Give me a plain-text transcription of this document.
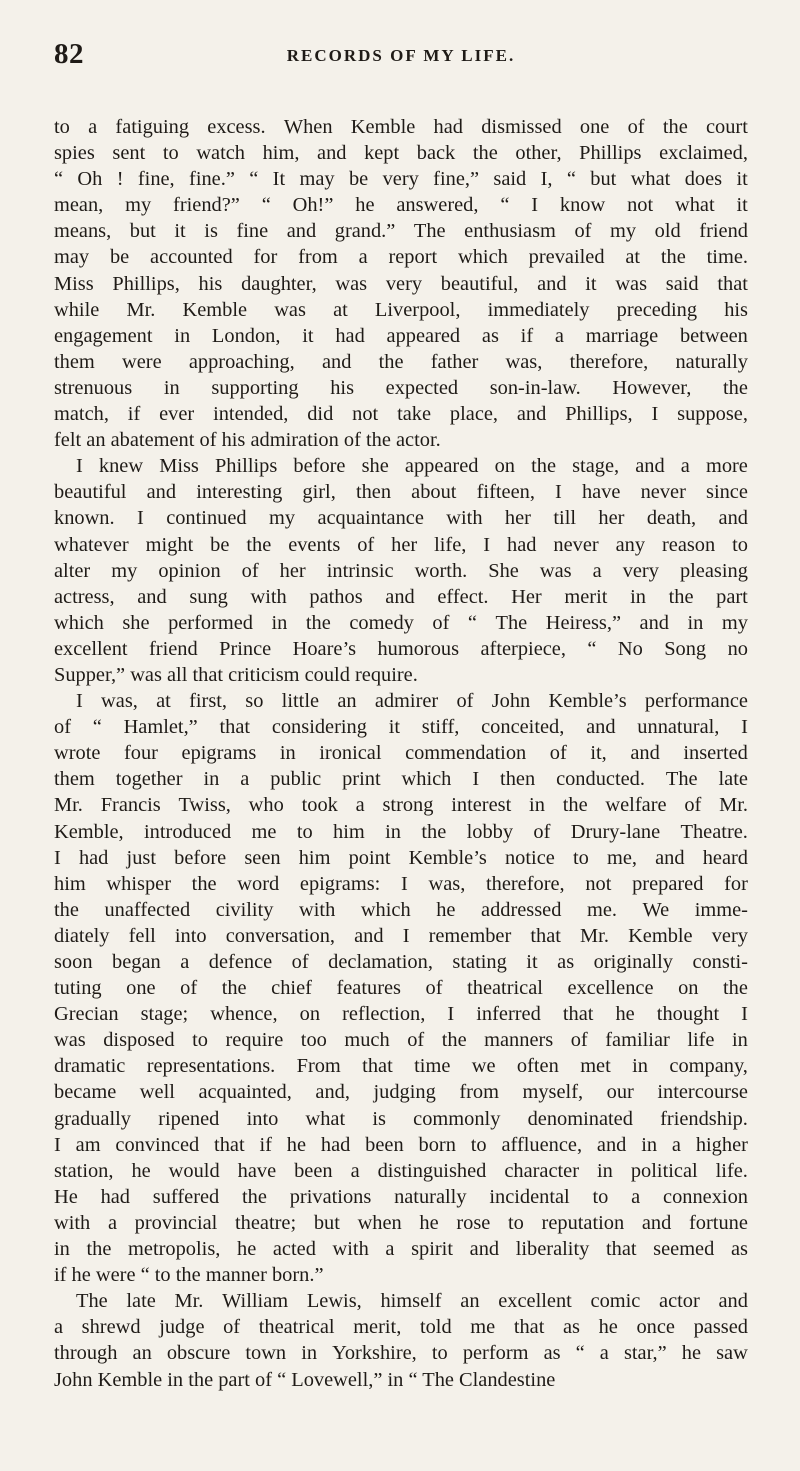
82	RECORDS OF MY LIFE.
to a fatiguing excess. When Kemble had dismissed one of the court
spies sent to watch him, and kept back the other, Phillips exclaimed,
“ Oh ! fine, fine.” “ It may be very fine,” said I, “ but what does it
mean, my friend?” “ Oh!” he answered, “ I know not what it
means, but it is fine and grand.” The enthusiasm of my old friend
may be accounted for from a report which prevailed at the time.
Miss Phillips, his daughter, was very beautiful, and it was said that
while Mr. Kemble was at Liverpool, immediately preceding his
engagement in London, it had appeared as if a marriage between
them were approaching, and the father was, therefore, naturally
strenuous in supporting his expected son-in-law. However, the
match, if ever intended, did not take place, and Phillips, I suppose,
felt an abatement of his admiration of the actor.
I knew Miss Phillips before she appeared on the stage, and a more
beautiful and interesting girl, then about fifteen, I have never since
known. I continued my acquaintance with her till her death, and
whatever might be the events of her life, I had never any reason to
alter my opinion of her intrinsic worth. She was a very pleasing
actress, and sung with pathos and effect. Her merit in the part
which she performed in the comedy of “ The Heiress,” and in my
excellent friend Prince Hoare’s humorous afterpiece, “ No Song no
Supper,” was all that criticism could require.
I was, at first, so little an admirer of John Kemble’s performance
of “ Hamlet,” that considering it stiff, conceited, and unnatural, I
wrote four epigrams in ironical commendation of it, and inserted
them together in a public print which I then conducted. The late
Mr. Francis Twiss, who took a strong interest in the welfare of Mr.
Kemble, introduced me to him in the lobby of Drury-lane Theatre.
I had just before seen him point Kemble’s notice to me, and heard
him whisper the word epigrams: I was, therefore, not prepared for
the unaffected civility with which he addressed me. We imme-
diately fell into conversation, and I remember that Mr. Kemble very
soon began a defence of declamation, stating it as originally consti-
tuting one of the chief features of theatrical excellence on the
Grecian stage; whence, on reflection, I inferred that he thought I
was disposed to require too much of the manners of familiar life in
dramatic representations. From that time we often met in company,
became well acquainted, and, judging from myself, our intercourse
gradually ripened into what is commonly denominated friendship.
I am convinced that if he had been born to affluence, and in a higher
station, he would have been a distinguished character in political life.
He had suffered the privations naturally incidental to a connexion
with a provincial theatre; but when he rose to reputation and fortune
in the metropolis, he acted with a spirit and liberality that seemed as
if he were “ to the manner born.”
The late Mr. William Lewis, himself an excellent comic actor and
a shrewd judge of theatrical merit, told me that as he once passed
through an obscure town in Yorkshire, to perform as “ a star,” he saw
John Kemble in the part of “ Lovewell,” in “ The Clandestine
